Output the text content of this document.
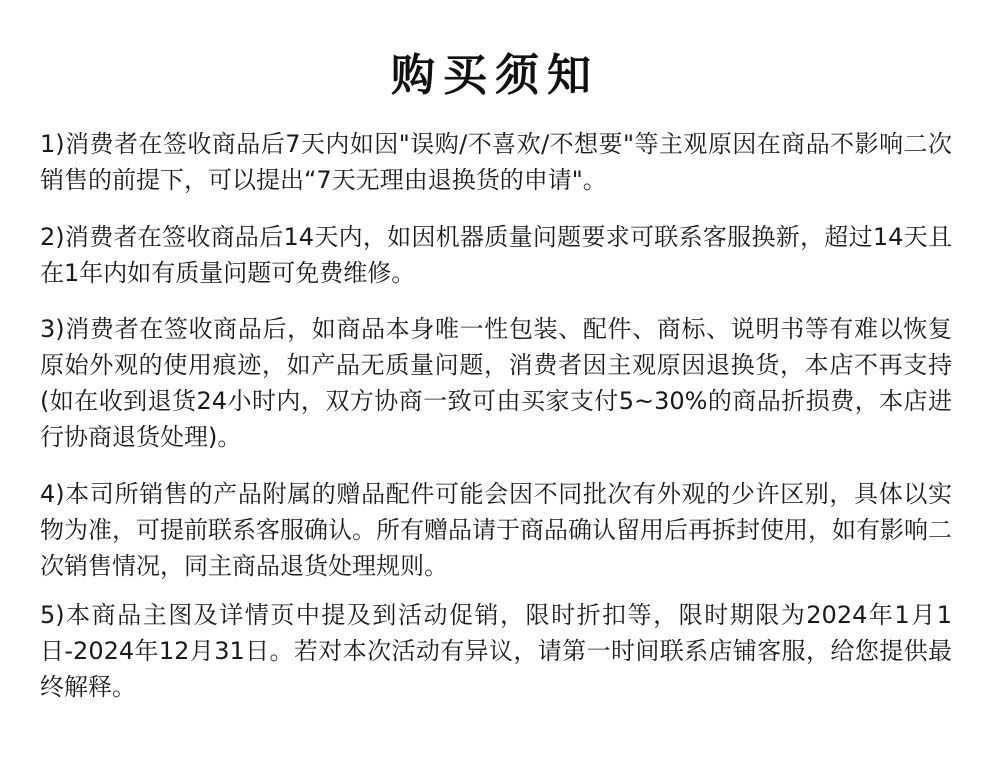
购买须知

1)消费者在签收商品后7天内如因"误购/不喜欢/不想要"等主观原因在商品不影响二次销售的前提下，可以提出“7天无理由退换货的申请"。

2)消费者在签收商品后14天内，如因机器质量问题要求可联系客服换新，超过14天且在1年内如有质量问题可免费维修。

3)消费者在签收商品后，如商品本身唯一性包装、配件、商标、说明书等有难以恢复原始外观的使用痕迹，如产品无质量问题，消费者因主观原因退换货，本店不再支持(如在收到退货24小时内，双方协商一致可由买家支付5~30%的商品折损费，本店进行协商退货处理)。

4)本司所销售的产品附属的赠品配件可能会因不同批次有外观的少许区别，具体以实物为准，可提前联系客服确认。所有赠品请于商品确认留用后再拆封使用，如有影响二次销售情况，同主商品退货处理规则。

5)本商品主图及详情页中提及到活动促销，限时折扣等，限时期限为2024年1月1日-2024年12月31日。若对本次活动有异议，请第一时间联系店铺客服，给您提供最终解释。
